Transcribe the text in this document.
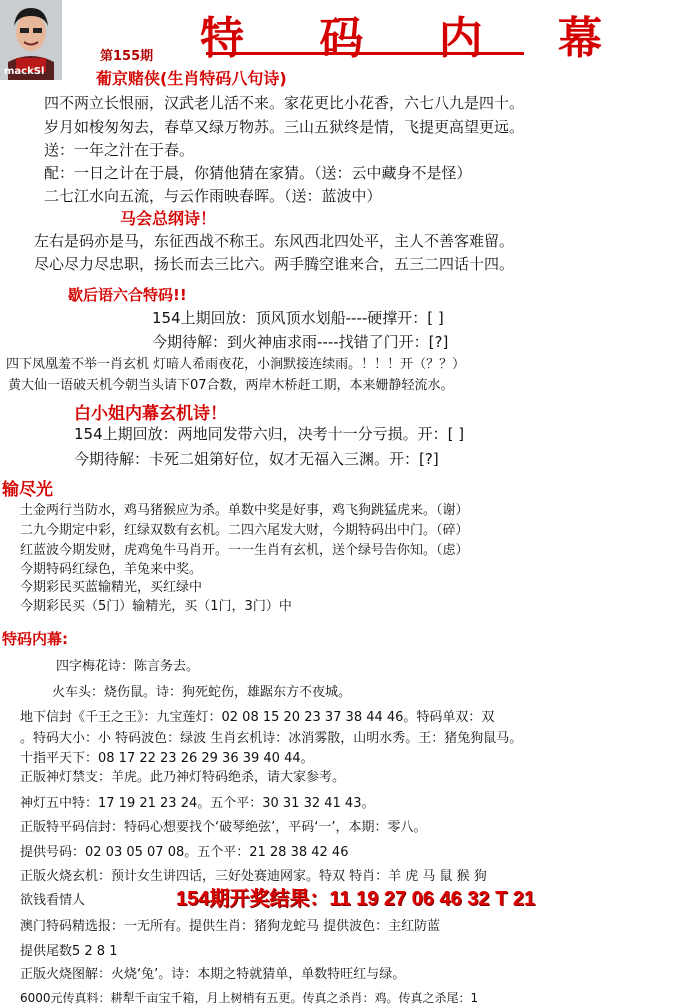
mackSl
第155期 特 码 内 幕
葡京赌侠(生肖特码八句诗)
四不两立长恨丽，汉武老儿活不来。家花更比小花香，六七八九是四十。
岁月如梭匆匆去，春草又绿万物苏。三山五狱终是情，飞提更高望更远。
送：一年之汁在于春。
配：一日之计在于晨，你猜他猜在家猜。（送：云中藏身不是怪）
二七江水向五流，与云作雨映春晖。（送：蓝波中）
马会总纲诗！
左右是码亦是马，东征西战不称王。东风西北四处平，主人不善客难留。
尽心尽力尽忠职，扬长而去三比六。两手腾空谁来合，五三二四话十四。
歇后语六合特码!!
154上期回放：顶风顶水划船----硬撑开：[ ]
今期待解：到火神庙求雨----找错了门开：[?]
四下凤凰羞不举一肖玄机 灯暗人希雨夜花，小涧默接连续雨。！！！开（？？）
黄大仙一语破天机今朝当头请下07合数，两岸木桥赶工期，本来姗静轻流水。
白小姐内幕玄机诗！
154上期回放：两地同发带六归，决考十一分亏损。开：[ ]
今期待解：卡死二姐第好位，奴才无福入三渊。开：[?]
输尽光
土金两行当防水，鸡马猪猴应为杀。单数中奖是好事，鸡飞狗跳猛虎来。（谢）
二九今期定中彩，红绿双数有玄机。二四六尾发大财，今期特码出中门。（碎）
红蓝波今期发财，虎鸡兔牛马肖开。一一生肖有玄机，送个绿号告你知。（虑）
今期特码红绿色，羊兔来中奖。
今期彩民买蓝输精光，买红绿中
今期彩民买（5门）输精光，买（1门，3门）中
特码内幕:
四字梅花诗：陈言务去。
火车头：烧伤鼠。诗：狗死蛇伤，雄踞东方不夜城。
地下信封《千王之王》：九宝莲灯：02 08 15 20 23 37 38 44 46。特码单双：双
。特码大小：小 特码波色：绿波 生肖玄机诗：冰消雾散，山明水秀。王：猪兔狗鼠马。
十指平天下：08 17 22 23 26 29 36 39 40 44。
正版神灯禁支：羊虎。此乃神灯特码绝杀，请大家参考。
神灯五中特：17 19 21 23 24。五个平：30 31 32 41 43。
正版特平码信封：特码心想要找个‘破琴绝弦’，平码‘一’，本期：零八。
提供号码：02 03 05 07 08。五个平：21 28 38 42 46
正版火烧玄机：预计女生讲四话，三好处赛迪网家。特双 特肖：羊 虎 马 鼠 猴 狗
欲钱看情人	154期开奖结果：11 19 27 06 46 32 T 21
澳门特码精选报：一无所有。提供生肖：猪狗龙蛇马 提供波色：主红防蓝
提供尾数5 2 8 1
正版火烧图解：火烧‘兔’。诗：本期之特就猜单，单数特旺红与绿。
6000元传真料：耕犁千亩宝千箱，月上树梢有五更。传真之杀肖：鸡。传真之杀尾：1
